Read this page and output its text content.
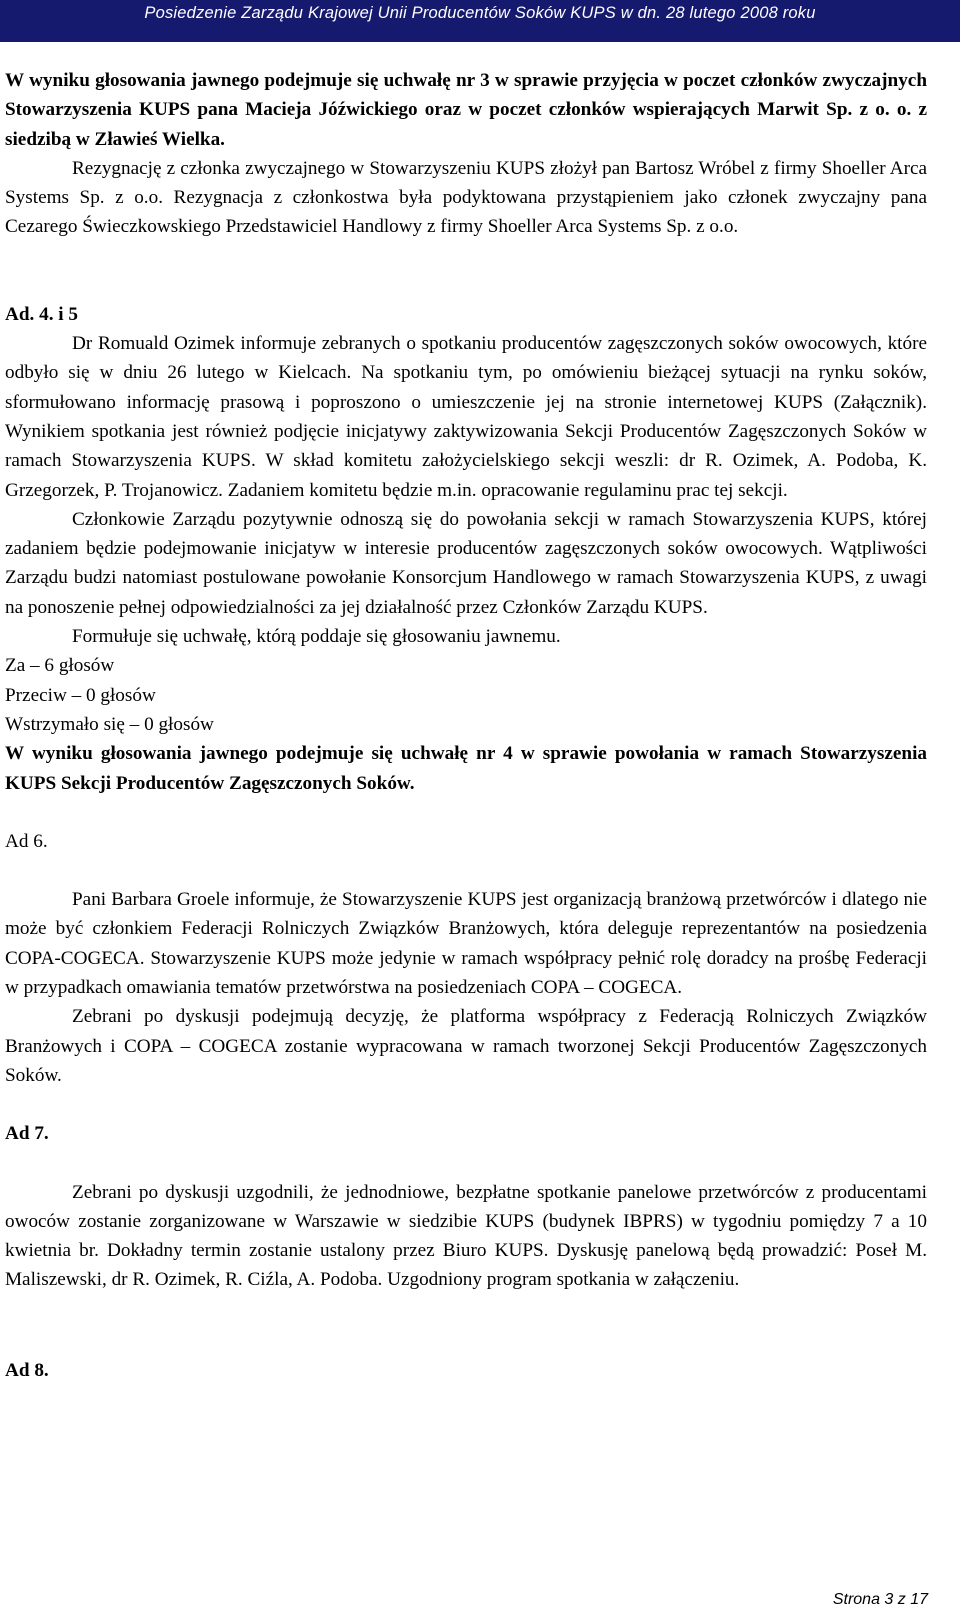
Posiedzenie Zarządu Krajowej Unii Producentów Soków KUPS w dn. 28 lutego 2008 roku

W wyniku głosowania jawnego podejmuje się uchwałę nr 3 w sprawie przyjęcia w poczet członków zwyczajnych Stowarzyszenia KUPS pana Macieja Jóźwickiego oraz w poczet członków wspierających Marwit Sp. z o. o. z siedzibą w Zławieś Wielka.

Rezygnację z członka zwyczajnego w Stowarzyszeniu KUPS złożył pan Bartosz Wróbel z firmy Shoeller Arca Systems Sp. z o.o. Rezygnacja z członkostwa była podyktowana przystąpieniem jako członek zwyczajny pana Cezarego Świeczkowskiego Przedstawiciel Handlowy z firmy Shoeller Arca Systems Sp. z o.o.

Ad. 4. i 5

Dr Romuald Ozimek informuje zebranych o spotkaniu producentów zagęszczonych soków owocowych, które odbyło się w dniu 26 lutego w Kielcach. Na spotkaniu tym, po omówieniu bieżącej sytuacji na rynku soków, sformułowano informację prasową i poproszono o umieszczenie jej na stronie internetowej KUPS (Załącznik). Wynikiem spotkania jest również podjęcie inicjatywy zaktywizowania Sekcji Producentów Zagęszczonych Soków w ramach Stowarzyszenia KUPS. W skład komitetu założycielskiego sekcji weszli: dr R. Ozimek, A. Podoba, K. Grzegorzek, P. Trojanowicz. Zadaniem komitetu będzie m.in. opracowanie regulaminu prac tej sekcji.

Członkowie Zarządu pozytywnie odnoszą się do powołania sekcji w ramach Stowarzyszenia KUPS, której zadaniem będzie podejmowanie inicjatyw w interesie producentów zagęszczonych soków owocowych. Wątpliwości Zarządu budzi natomiast postulowane powołanie Konsorcjum Handlowego w ramach Stowarzyszenia KUPS, z uwagi na ponoszenie pełnej odpowiedzialności za jej działalność przez Członków Zarządu KUPS.

Formułuje się uchwałę, którą poddaje się głosowaniu jawnemu.

Za – 6 głosów

Przeciw – 0 głosów

Wstrzymało się – 0 głosów

W wyniku głosowania jawnego podejmuje się uchwałę nr 4 w sprawie powołania w ramach Stowarzyszenia KUPS Sekcji Producentów Zagęszczonych Soków.

Ad 6.

Pani Barbara Groele informuje, że Stowarzyszenie KUPS jest organizacją branżową przetwórców i dlatego nie może być członkiem Federacji Rolniczych Związków Branżowych, która deleguje reprezentantów na posiedzenia COPA-COGECA. Stowarzyszenie KUPS może jedynie w ramach współpracy pełnić rolę doradcy na prośbę Federacji w przypadkach omawiania tematów przetwórstwa na posiedzeniach COPA – COGECA.

Zebrani po dyskusji podejmują decyzję, że platforma współpracy z Federacją Rolniczych Związków Branżowych i COPA – COGECA zostanie wypracowana w ramach tworzonej Sekcji Producentów Zagęszczonych Soków.

Ad 7.

Zebrani po dyskusji uzgodnili, że jednodniowe, bezpłatne spotkanie panelowe przetwórców z producentami owoców zostanie zorganizowane w Warszawie w siedzibie KUPS (budynek IBPRS) w tygodniu pomiędzy 7 a 10 kwietnia br. Dokładny termin zostanie ustalony przez Biuro KUPS. Dyskusję panelową będą prowadzić: Poseł M. Maliszewski, dr R. Ozimek, R. Ciźla, A. Podoba. Uzgodniony program spotkania w załączeniu.

Ad 8.

Strona 3 z 17
